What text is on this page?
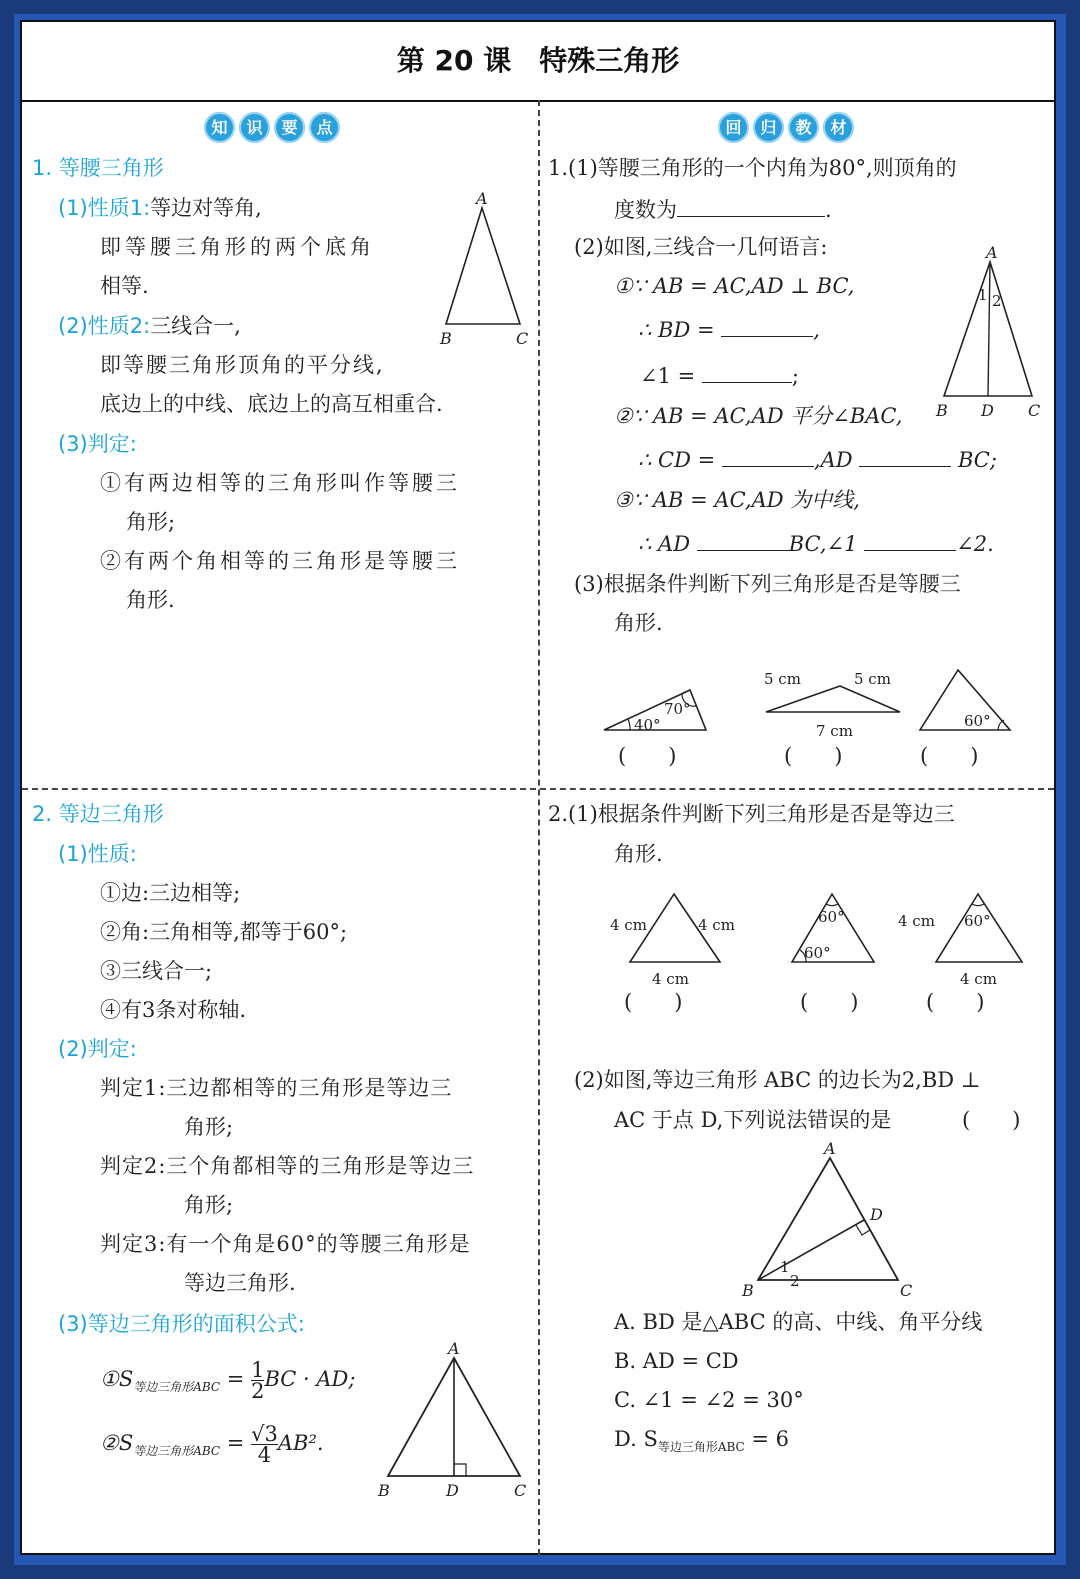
第 20 课　特殊三角形
知	识	要	点	回	归	教	材
1. 等腰三角形
(1)性质1:等边对等角,
即等腰三角形的两个底角
相等.
(2)性质2:三线合一,
即等腰三角形顶角的平分线,
底边上的中线、底边上的高互相重合.
(3)判定:
①有两边相等的三角形叫作等腰三
角形;
②有两个角相等的三角形是等腰三
角形.
A
B	C
1.(1)等腰三角形的一个内角为80°,则顶角的
度数为	.
(2)如图,三线合一几何语言:
①∵ AB = AC,AD ⊥ BC,
∴ BD =	,
∠1 =	;
②∵ AB = AC,AD 平分∠BAC,
∴ CD =	,AD	BC;
③∵ AB = AC,AD 为中线,
∴ AD	BC,∠1	∠2.
(3)根据条件判断下列三角形是否是等腰三
角形.
A
B D C
1 2
70°
40°
5 cm	5 cm
7 cm
60°
(　　)	(　　)	(　　)
2. 等边三角形
(1)性质:
①边:三边相等;
②角:三角相等,都等于60°;
③三线合一;
④有3条对称轴.
(2)判定:
判定1:三边都相等的三角形是等边三
角形;
判定2:三个角都相等的三角形是等边三
角形;
判定3:有一个角是60°的等腰三角形是
等边三角形.
(3)等边三角形的面积公式:
$①S_{等边三角形ABC} = \frac{1}{2}$ BC · AD;
$②S_{等边三角形ABC} = \frac{√3}{4} AB^2$.
A
B	D	C
2.(1)根据条件判断下列三角形是否是等边三
角形.
4 cm	4 cm
4 cm
60°
60°
4 cm 60°
4 cm
(　　)	(　　)	(　　)
(2)如图,等边三角形 ABC 的边长为2,BD ⊥
AC 于点 D,下列说法错误的是	(　　)
A
B	C
D
1
2
A. BD 是△ABC 的高、中线、角平分线
B. AD = CD
C. ∠1 = ∠2 = 30°
D. $S_{等边三角形ABC} = 6$
